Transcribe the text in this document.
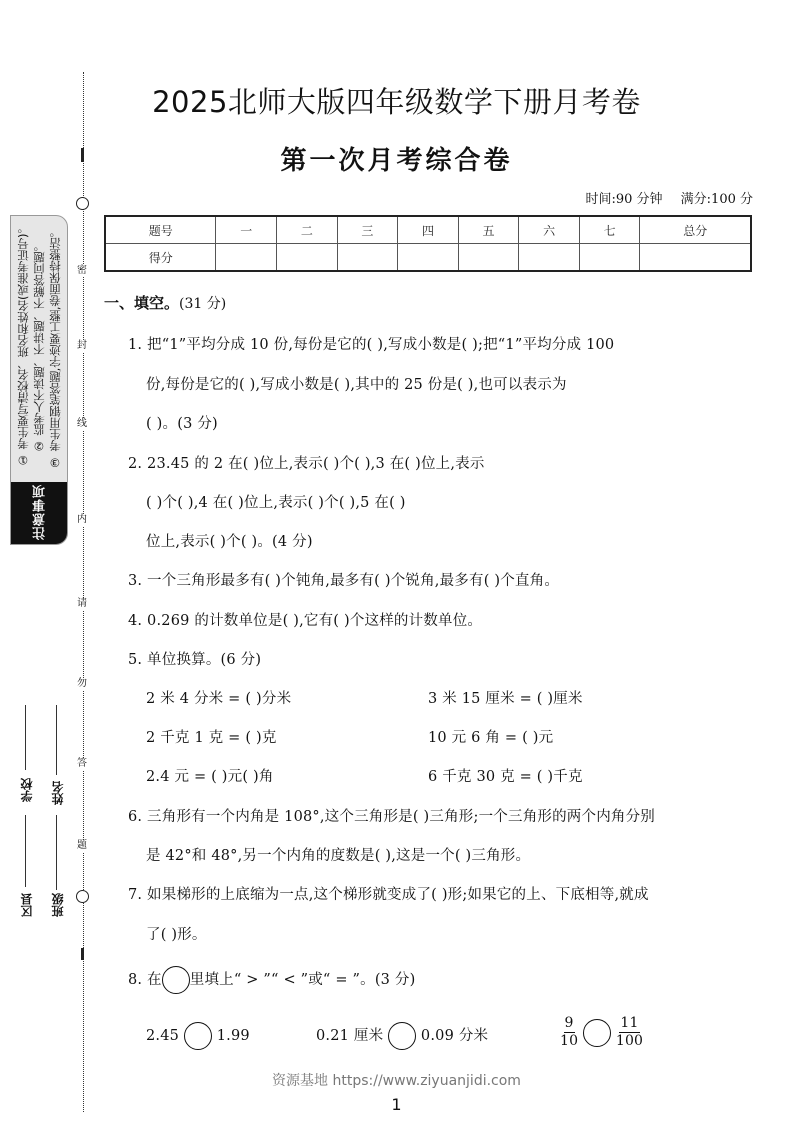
① 考生要写清校名、班名和姓名(或准考证号)。 ② 监考人不读题、不讲题、不解答问题。 ③ 考生用钢笔答题,字迹要工整,卷面保持整洁。
注意事项
学校
区县
姓名
班级
密
封
线
内
请
勿
答
题
2025北师大版四年级数学下册月考卷
第一次月考综合卷
时间:90 分钟 满分:100 分
题号	一	二	三	四	五	六	七	总分
得分								
一、填空。(31 分)
1. 把“1”平均分成 10 份,每份是它的( ),写成小数是( );把“1”平均分成 100
份,每份是它的( ),写成小数是( ),其中的 25 份是( ),也可以表示为
( )。(3 分)
2. 23.45 的 2 在( )位上,表示( )个( ),3 在( )位上,表示
( )个( ),4 在( )位上,表示( )个( ),5 在( )
位上,表示( )个( )。(4 分)
3. 一个三角形最多有( )个钝角,最多有( )个锐角,最多有( )个直角。
4. 0.269 的计数单位是( ),它有( )个这样的计数单位。
5. 单位换算。(6 分)
2 米 4 分米 = ( )分米	3 米 15 厘米 = ( )厘米
2 千克 1 克 = ( )克	10 元 6 角 = ( )元
2.4 元 = ( )元( )角	6 千克 30 克 = ( )千克
6. 三角形有一个内角是 108°,这个三角形是( )三角形;一个三角形的两个内角分别
是 42°和 48°,另一个内角的度数是( ),这是一个( )三角形。
7. 如果梯形的上底缩为一点,这个梯形就变成了( )形;如果它的上、下底相等,就成
了( )形。
8. 在 里填上“ > ”“ < ”或“ = ”。(3 分)
2.45	1.99	0.21 厘米	0.09 分米	$\frac{9}{10}$
	$\frac{11}{100}$
资源基地 https://www.ziyuanjidi.com
1
